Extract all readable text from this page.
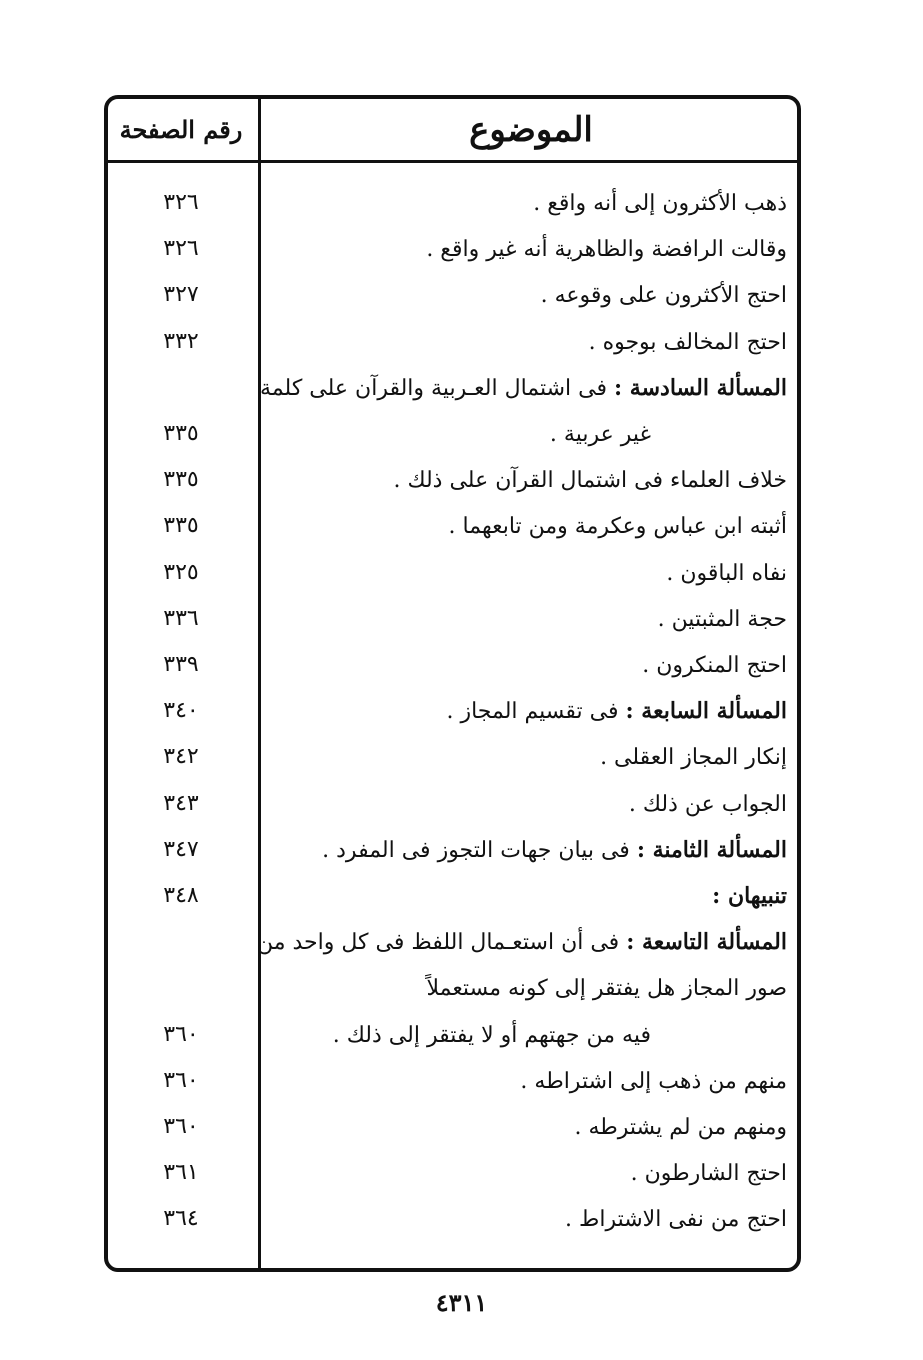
الموضوع
رقم الصفحة
ذهب الأكثرون إلى أنه واقع .
٣٢٦
وقالت الرافضة والظاهرية أنه غير واقع .
٣٢٦
احتج الأكثرون على وقوعه .
٣٢٧
احتج المخالف بوجوه .
٣٣٢
المسألة السادسة : فى اشتمال العـربية والقرآن على كلمة
غير عربية .
٣٣٥
خلاف العلماء فى اشتمال القرآن على ذلك .
٣٣٥
أثبته ابن عباس وعكرمة ومن تابعهما .
٣٣٥
نفاه الباقون .
٣٢٥
حجة المثبتين .
٣٣٦
احتج المنكرون .
٣٣٩
المسألة السابعة : فى تقسيم المجاز .
٣٤٠
إنكار المجاز العقلى .
٣٤٢
الجواب عن ذلك .
٣٤٣
المسألة الثامنة : فى بيان جهات التجوز فى المفرد .
٣٤٧
تنبيهان :
٣٤٨
المسألة التاسعة : فى أن استعـمال اللفظ فى كل واحد من
صور المجاز هل يفتقر إلى كونه مستعملاً
فيه من جهتهم أو لا يفتقر إلى ذلك .
٣٦٠
منهم من ذهب إلى اشتراطه .
٣٦٠
ومنهم من لم يشترطه .
٣٦٠
احتج الشارطون .
٣٦١
احتج من نفى الاشتراط .
٣٦٤
٤٣١١
